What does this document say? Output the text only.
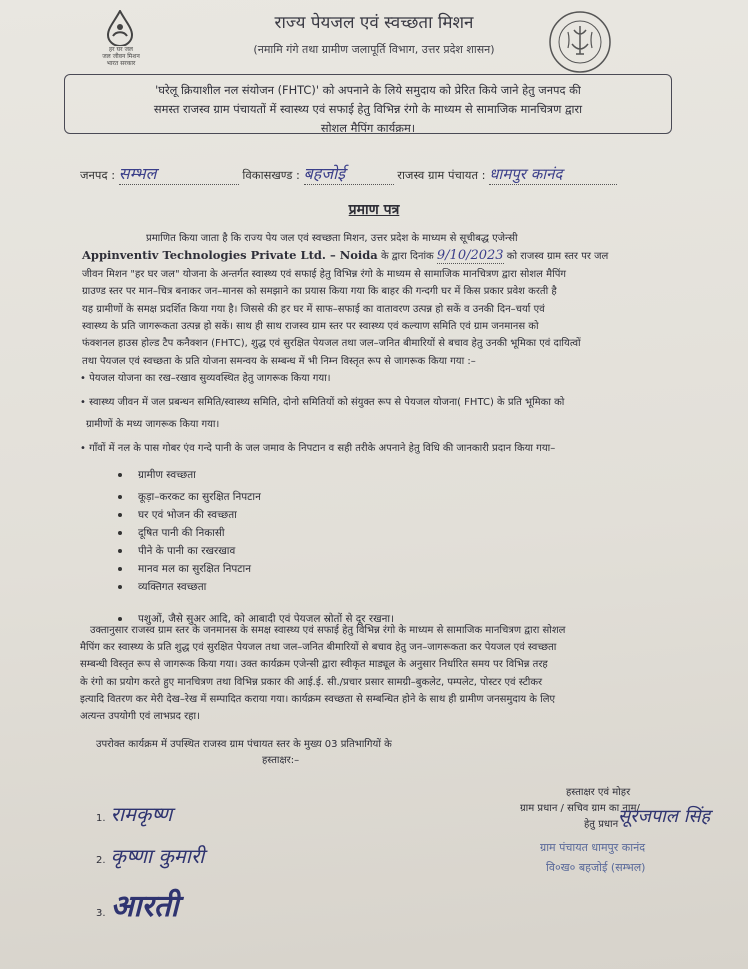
हर घर जल
जल जीवन मिशन
भारत सरकार
राज्य पेयजल एवं स्वच्छता मिशन
(नमामि गंगे तथा ग्रामीण जलापूर्ति विभाग, उत्तर प्रदेश शासन)
'घरेलू क्रियाशील नल संयोजन (FHTC)' को अपनाने के लिये समुदाय को प्रेरित किये जाने हेतु जनपद की
समस्त राजस्व ग्राम पंचायतों में स्वास्थ्य एवं सफाई हेतु विभिन्न रंगो के माध्यम से सामाजिक मानचित्रण द्वारा
सोशल मैपिंग कार्यक्रम।
जनपद : सम्भल	विकासखण्ड : बहजोई	राजस्व ग्राम पंचायत : धामपुर कानंद
प्रमाण पत्र
प्रमाणित किया जाता है कि राज्य पेय जल एवं स्वच्छता मिशन, उत्तर प्रदेश के माध्यम से सूचीबद्ध एजेन्सी
Appinventiv Technologies Private Ltd. – Noida के द्वारा दिनांक 9/10/2023 को राजस्व ग्राम स्तर पर जल
जीवन मिशन "हर घर जल" योजना के अन्तर्गत स्वास्थ्य एवं सफाई हेतु विभिन्न रंगो के माध्यम से सामाजिक मानचित्रण द्वारा सोशल मैपिंग
ग्राउण्ड स्तर पर मान–चित्र बनाकर जन–मानस को समझाने का प्रयास किया गया कि बाहर की गन्दगी घर में किस प्रकार प्रवेश करती है
यह ग्रामीणों के समक्ष प्रदर्शित किया गया है। जिससे की हर घर में साफ–सफाई का वातावरण उत्पन्न हो सकें व उनकी दिन–चर्या एवं
स्वास्थ्य के प्रति जागरूकता उत्पन्न हो सकें। साथ ही साथ राजस्व ग्राम स्तर पर स्वास्थ्य एवं कल्याण समिति एवं ग्राम जनमानस को
फंक्शनल हाउस होल्ड टैप कनैक्शन (FHTC), शुद्ध एवं सुरक्षित पेयजल तथा जल–जनित बीमारियों से बचाव हेतु उनकी भूमिका एवं दायित्वों
तथा पेयजल एवं स्वच्छता के प्रति योजना समन्वय के सम्बन्ध में भी निम्न विस्तृत रूप से जागरूक किया गया :–
• पेयजल योजना का रख–रखाव सुव्यवस्थित हेतु जागरूक किया गया।
• स्वास्थ्य जीवन में जल प्रबन्धन समिति/स्वास्थ्य समिति, दोनो समितियों को संयुक्त रूप से पेयजल योजना( FHTC) के प्रति भूमिका को
ग्रामीणों के मध्य जागरूक किया गया।
• गाँवों में नल के पास गोबर एंव गन्दे पानी के जल जमाव के निपटान व सही तरीके अपनाने हेतु विधि की जानकारी प्रदान किया गया–
ग्रामीण स्वच्छता
कूड़ा–करकट का सुरक्षित निपटान
घर एवं भोजन की स्वच्छता
दूषित पानी की निकासी
पीने के पानी का रखरखाव
मानव मल का सुरक्षित निपटान
व्यक्तिगत स्वच्छता
पशुओं, जैसे सुअर आदि, को आबादी एवं पेयजल स्रोतों से दूर रखना।
उक्तानुसार राजस्व ग्राम स्तर के जनमानस के समक्ष स्वास्थ्य एवं सफाई हेतु विभिन्न रंगो के माध्यम से सामाजिक मानचित्रण द्वारा सोशल
मैपिंग कर स्वास्थ्य के प्रति शुद्ध एवं सुरक्षित पेयजल तथा जल–जनित बीमारियों से बचाव हेतु जन–जागरूकता कर पेयजल एवं स्वच्छता
सम्बन्धी विस्तृत रूप से जागरूक किया गया। उक्त कार्यक्रम एजेन्सी द्वारा स्वीकृत माड्यूल के अनुसार निर्धारित समय पर विभिन्न तरह
के रंगो का प्रयोग करते हुए मानचित्रण तथा विभिन्न प्रकार की आई.ई. सी./प्रचार प्रसार सामग्री–बुकलेट, पम्पलेट, पोस्टर एवं स्टीकर
इत्यादि वितरण कर मेरी देख–रेख में सम्पादित कराया गया। कार्यक्रम स्वच्छता से सम्बन्धित होने के साथ ही ग्रामीण जनसमुदाय के लिए
अत्यन्त उपयोगी एवं लाभप्रद रहा।
उपरोक्त कार्यक्रम में उपस्थित राजस्व ग्राम पंचायत स्तर के मुख्य 03 प्रतिभागियों के
हस्ताक्षर:–
1. रामकृष्ण
2. कृष्णा कुमारी
3. आरती
हस्ताक्षर एवं मोहर
ग्राम प्रधान / सचिव ग्राम का नाम/
हेतु प्रधान सूरजपाल सिंह
ग्राम पंचायत धामपुर कानंद
वि०ख० बहजोई (सम्भल)
